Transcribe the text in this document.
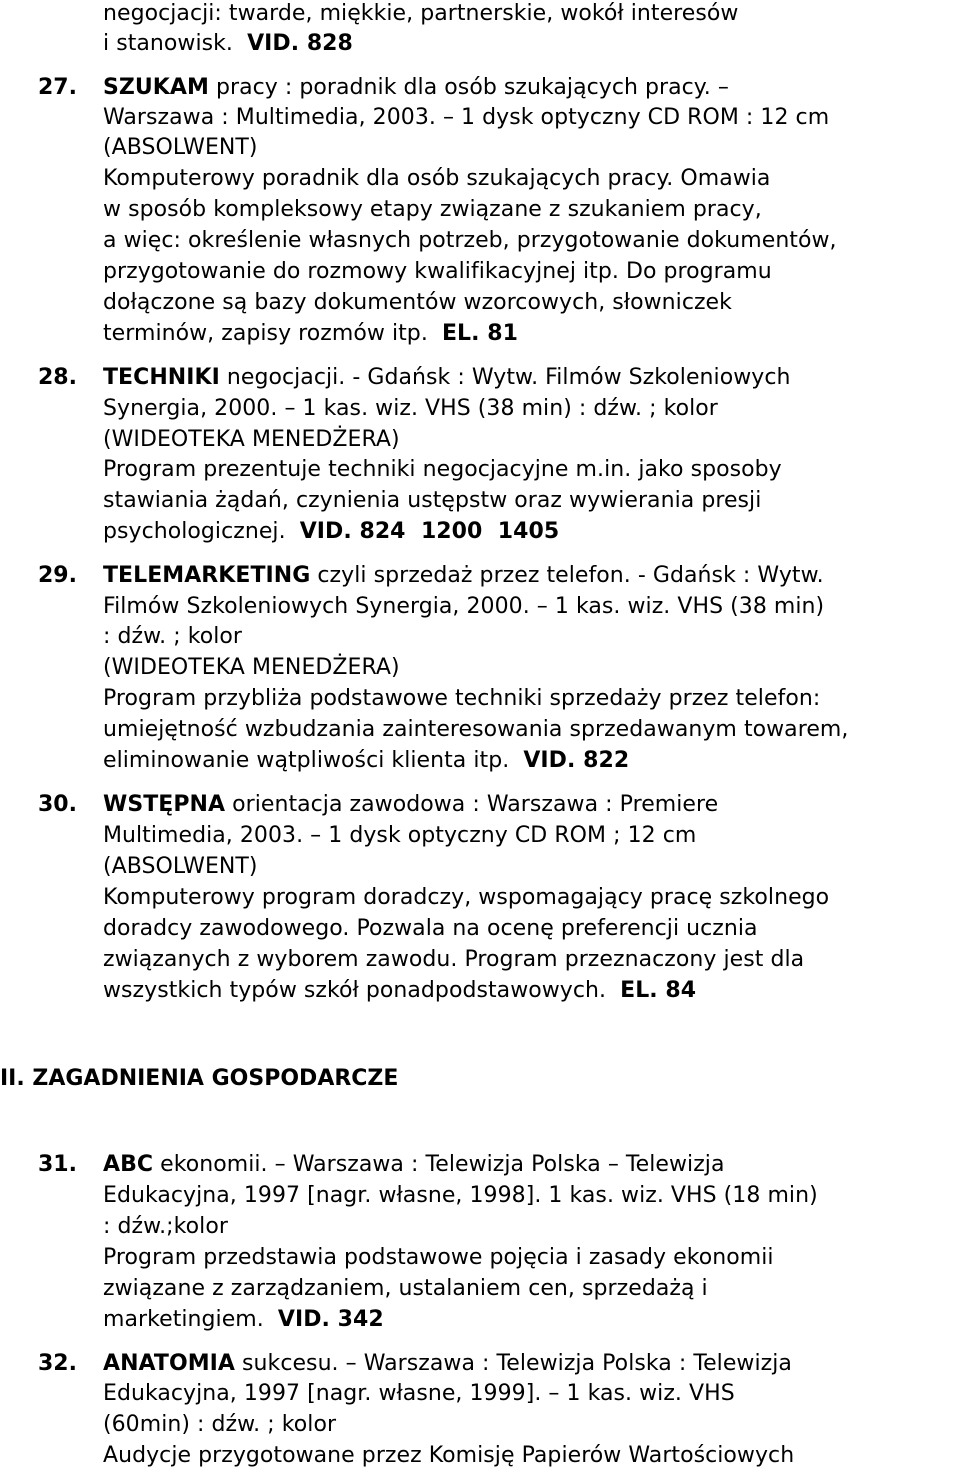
negocjacji: twarde, miękkie, partnerskie, wokół interesów
i stanowisk. VID. 828
27. SZUKAM pracy : poradnik dla osób szukających pracy. –
Warszawa : Multimedia, 2003. – 1 dysk optyczny CD ROM : 12 cm
(ABSOLWENT)
Komputerowy poradnik dla osób szukających pracy. Omawia
w sposób kompleksowy etapy związane z szukaniem pracy,
a więc: określenie własnych potrzeb, przygotowanie dokumentów,
przygotowanie do rozmowy kwalifikacyjnej itp. Do programu
dołączone są bazy dokumentów wzorcowych, słowniczek
terminów, zapisy rozmów itp. EL. 81
28. TECHNIKI negocjacji. - Gdańsk : Wytw. Filmów Szkoleniowych
Synergia, 2000. – 1 kas. wiz. VHS (38 min) : dźw. ; kolor
(WIDEOTEKA MENEDŻERA)
Program prezentuje techniki negocjacyjne m.in. jako sposoby
stawiania żądań, czynienia ustępstw oraz wywierania presji
psychologicznej. VID. 824  1200  1405
29. TELEMARKETING czyli sprzedaż przez telefon. - Gdańsk : Wytw.
Filmów Szkoleniowych Synergia, 2000. – 1 kas. wiz. VHS (38 min)
: dźw. ; kolor
(WIDEOTEKA MENEDŻERA)
Program przybliża podstawowe techniki sprzedaży przez telefon:
umiejętność wzbudzania zainteresowania sprzedawanym towarem,
eliminowanie wątpliwości klienta itp. VID. 822
30. WSTĘPNA orientacja zawodowa : Warszawa : Premiere
Multimedia, 2003. – 1 dysk optyczny CD ROM ; 12 cm
(ABSOLWENT)
Komputerowy program doradczy, wspomagający pracę szkolnego
doradcy zawodowego. Pozwala na ocenę preferencji ucznia
związanych z wyborem zawodu. Program przeznaczony jest dla
wszystkich typów szkół ponadpodstawowych. EL. 84
II. ZAGADNIENIA GOSPODARCZE
31. ABC ekonomii. – Warszawa : Telewizja Polska – Telewizja
Edukacyjna, 1997 [nagr. własne, 1998]. 1 kas. wiz. VHS (18 min)
: dźw.;kolor
Program przedstawia podstawowe pojęcia i zasady ekonomii
związane z zarządzaniem, ustalaniem cen, sprzedażą i
marketingiem. VID. 342
32. ANATOMIA sukcesu. – Warszawa : Telewizja Polska : Telewizja
Edukacyjna, 1997 [nagr. własne, 1999]. – 1 kas. wiz. VHS
(60min) : dźw. ; kolor
Audycje przygotowane przez Komisję Papierów Wartościowych
